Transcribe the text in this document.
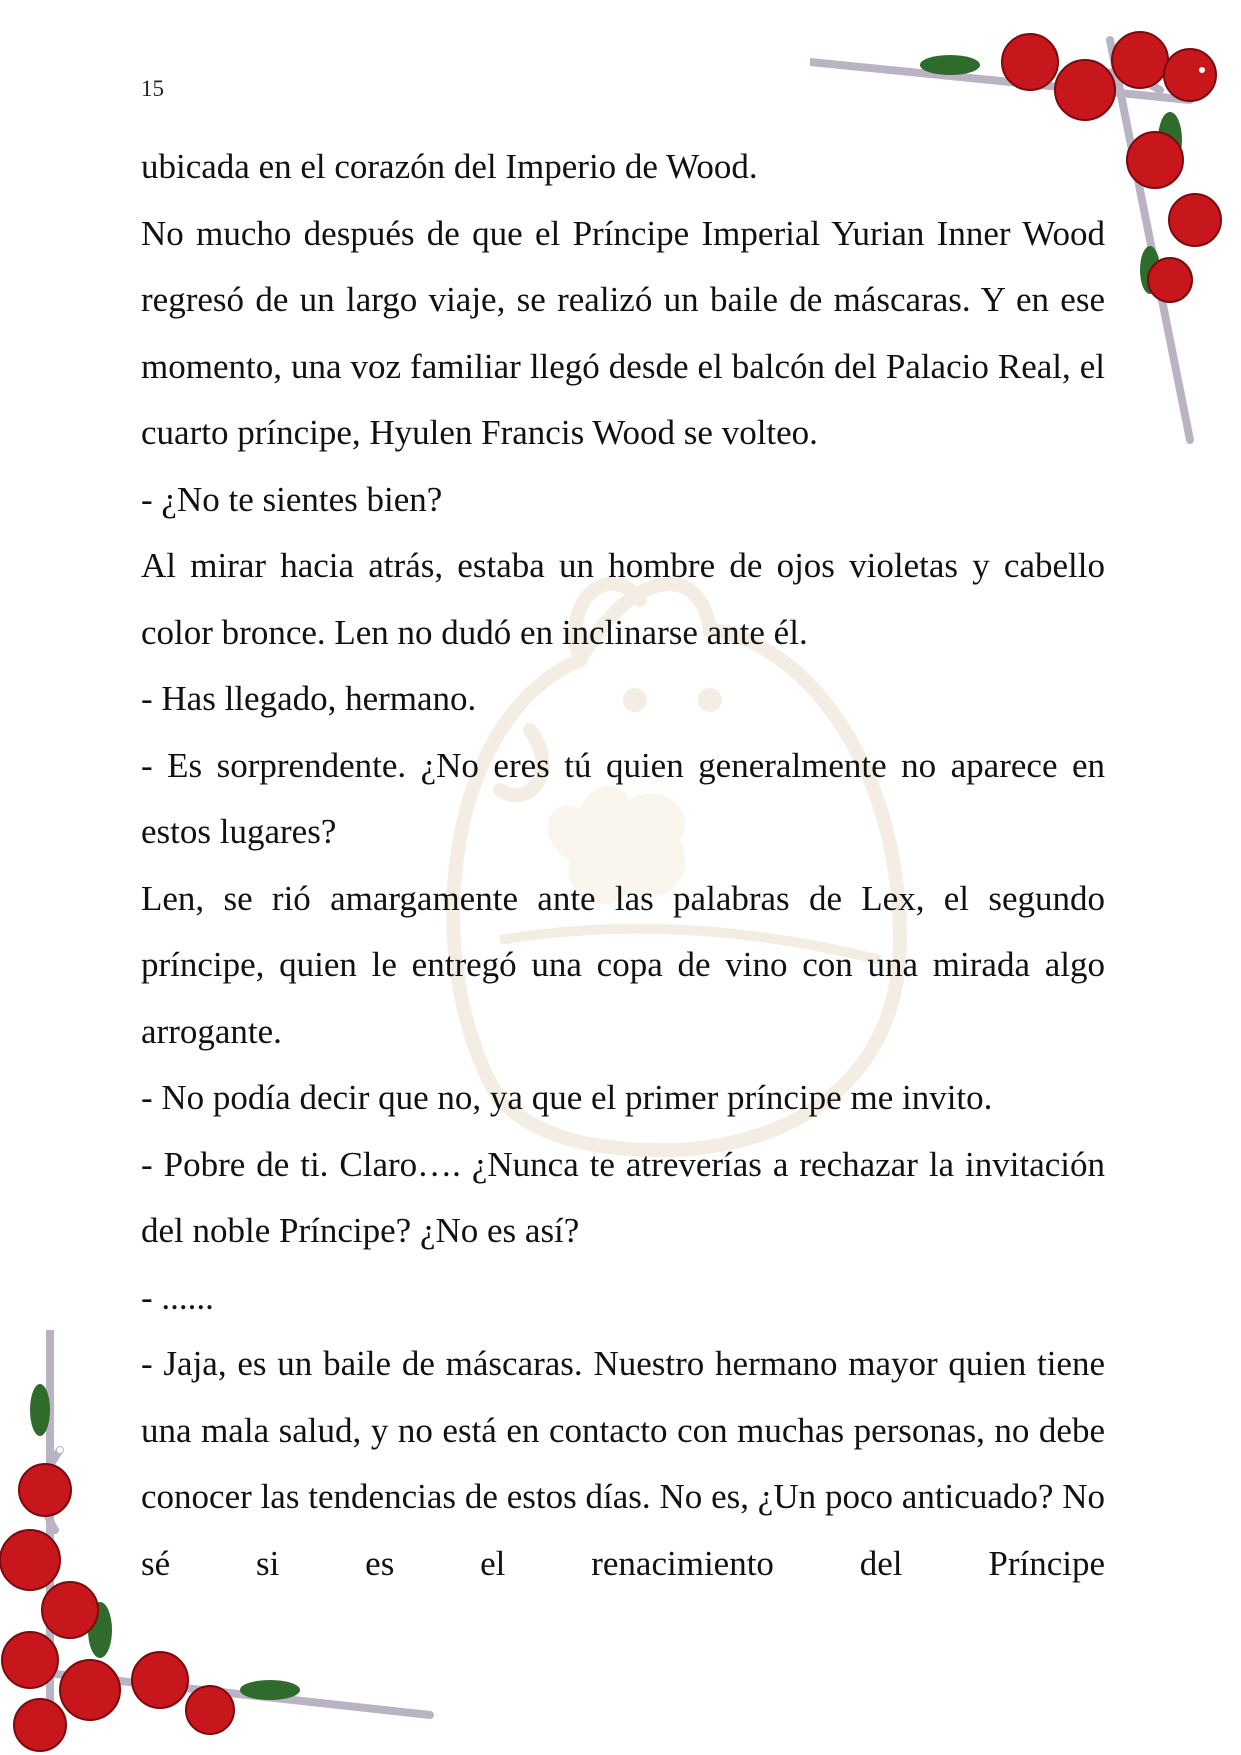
15

ubicada en el corazón del Imperio de Wood.

No mucho después de que el Príncipe Imperial Yurian Inner Wood regresó de un largo viaje, se realizó un baile de máscaras. Y en ese momento, una voz familiar llegó desde el balcón del Palacio Real, el cuarto príncipe, Hyulen Francis Wood se volteo.

- ¿No te sientes bien?

Al mirar hacia atrás, estaba un hombre de ojos violetas y cabello color bronce. Len no dudó en inclinarse ante él.

- Has llegado, hermano.

- Es sorprendente. ¿No eres tú quien generalmente no aparece en estos lugares?

Len, se rió amargamente ante las palabras de Lex, el segundo príncipe, quien le entregó una copa de vino con una mirada algo arrogante.

- No podía decir que no, ya que el primer príncipe me invito.

- Pobre de ti. Claro…. ¿Nunca te atreverías a rechazar la invitación del noble Príncipe? ¿No es así?

- ......

- Jaja, es un baile de máscaras. Nuestro hermano mayor quien tiene una mala salud, y no está en contacto con muchas personas, no debe conocer las tendencias de estos días. No es, ¿Un poco anticuado? No sé si es el renacimiento del Príncipe
